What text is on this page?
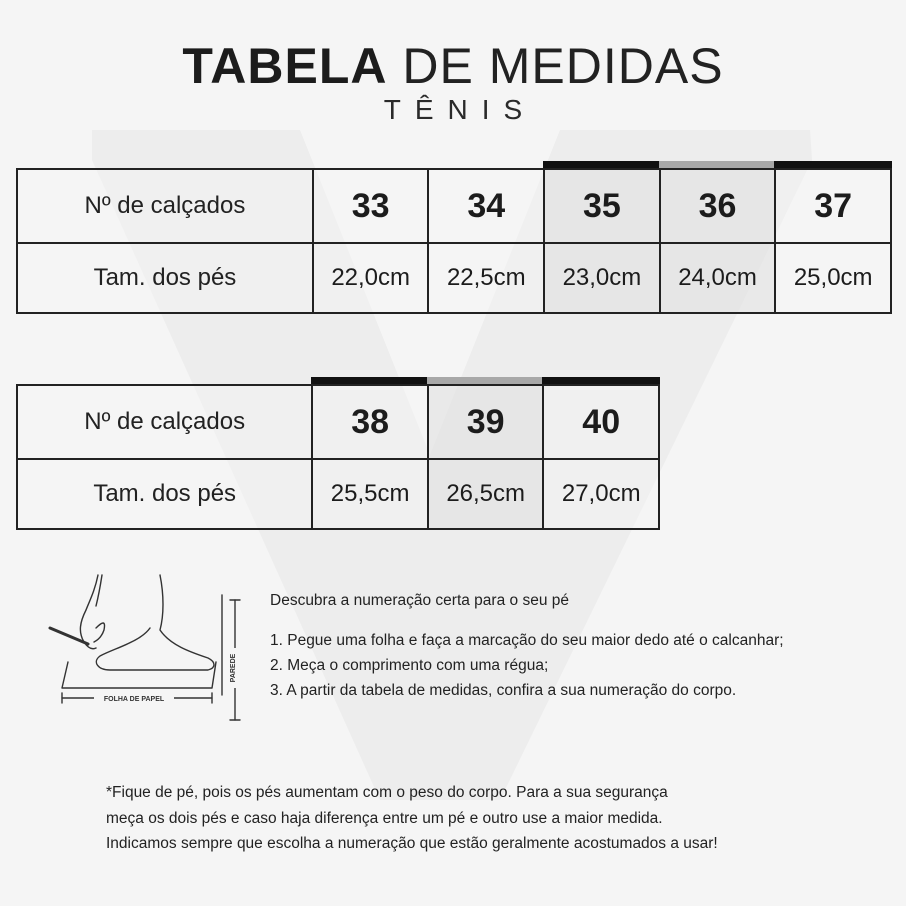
TABELA DE MEDIDAS
TÊNIS
Nº de calçados	33	34	35	36	37
Tam. dos pés	22,0cm	22,5cm	23,0cm	24,0cm	25,0cm
Nº de calçados	38	39	40
Tam. dos pés	25,5cm	26,5cm	27,0cm
PAREDE
FOLHA DE PAPEL
Descubra a numeração certa para o seu pé
1. Pegue uma folha e faça a marcação do seu maior dedo até o calcanhar;
2. Meça o comprimento com uma régua;
3. A partir da tabela de medidas, confira a sua numeração do corpo.
*Fique de pé, pois os pés aumentam com o peso do corpo. Para a sua segurança
meça os dois pés e caso haja diferença entre um pé e outro use a maior medida.
Indicamos sempre que escolha a numeração que estão geralmente acostumados a usar!
